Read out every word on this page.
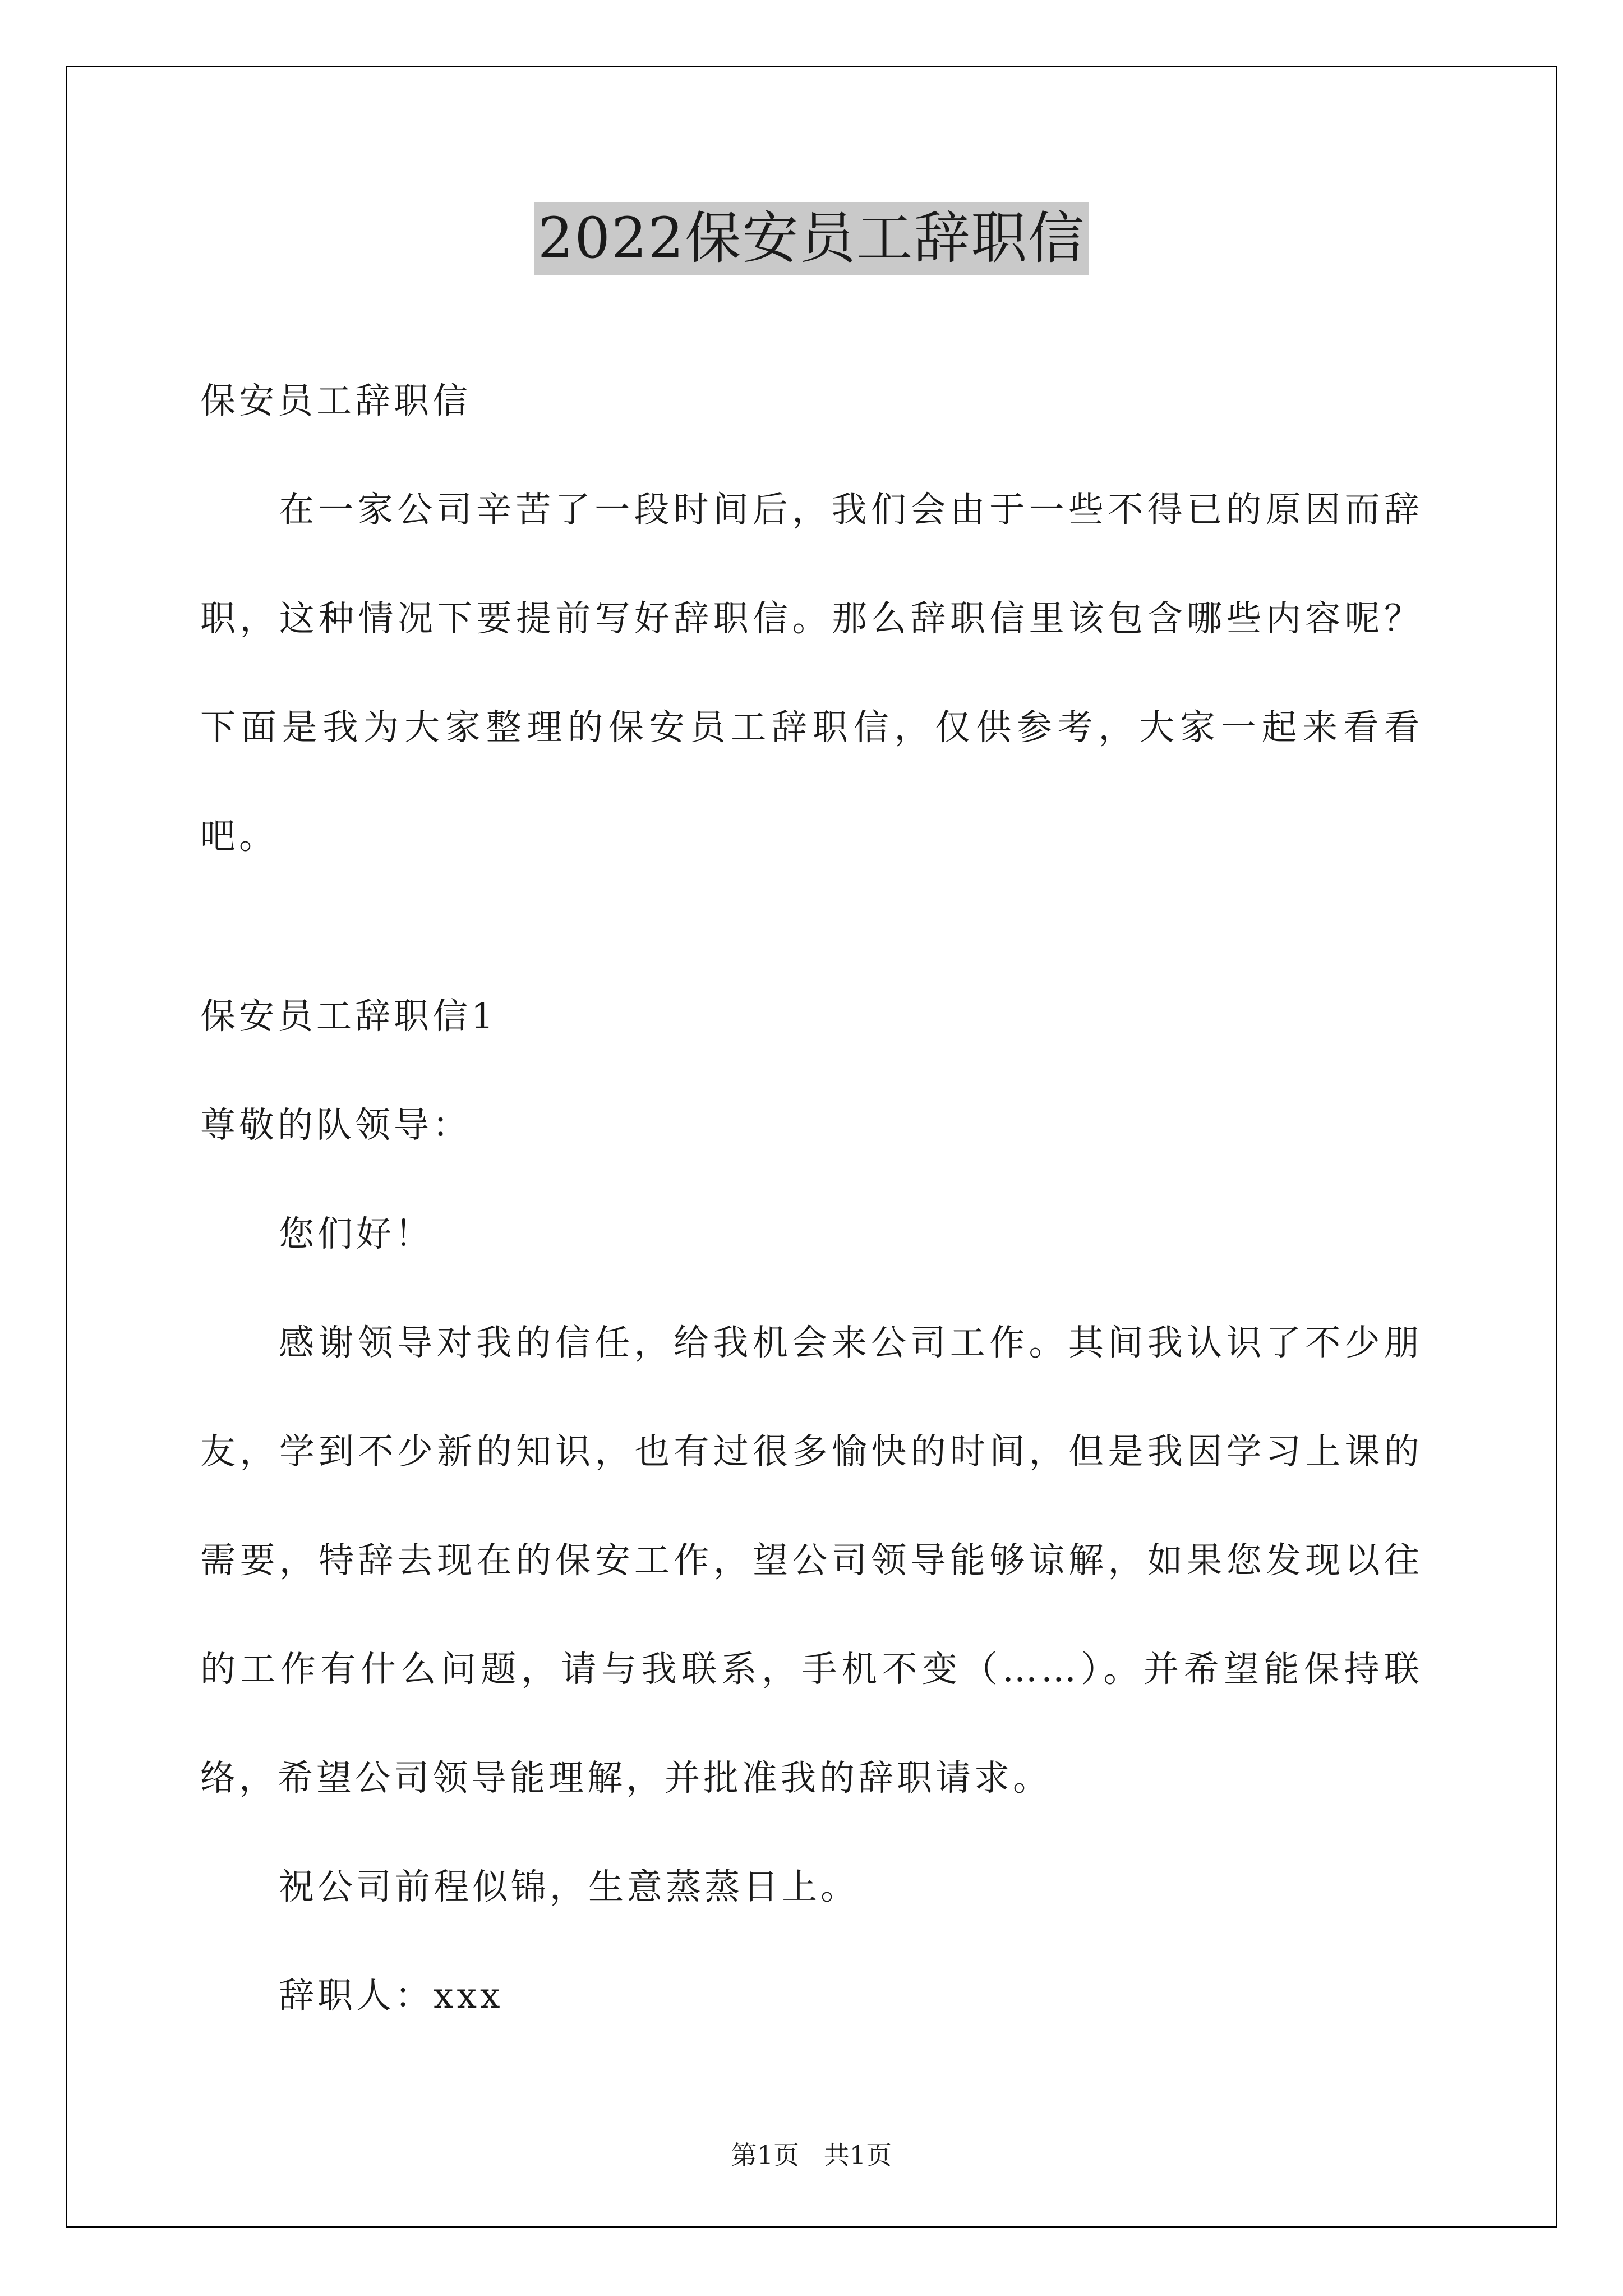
2022保安员工辞职信

保安员工辞职信

在一家公司辛苦了一段时间后，我们会由于一些不得已的原因而辞职，这种情况下要提前写好辞职信。那么辞职信里该包含哪些内容呢？下面是我为大家整理的保安员工辞职信，仅供参考，大家一起来看看吧。

保安员工辞职信1

尊敬的队领导：

您们好！

感谢领导对我的信任，给我机会来公司工作。其间我认识了不少朋友，学到不少新的知识，也有过很多愉快的时间，但是我因学习上课的需要，特辞去现在的保安工作，望公司领导能够谅解，如果您发现以往的工作有什么问题，请与我联系，手机不变（……）。并希望能保持联络，希望公司领导能理解，并批准我的辞职请求。

祝公司前程似锦，生意蒸蒸日上。

辞职人：xxx

第1页   共1页
